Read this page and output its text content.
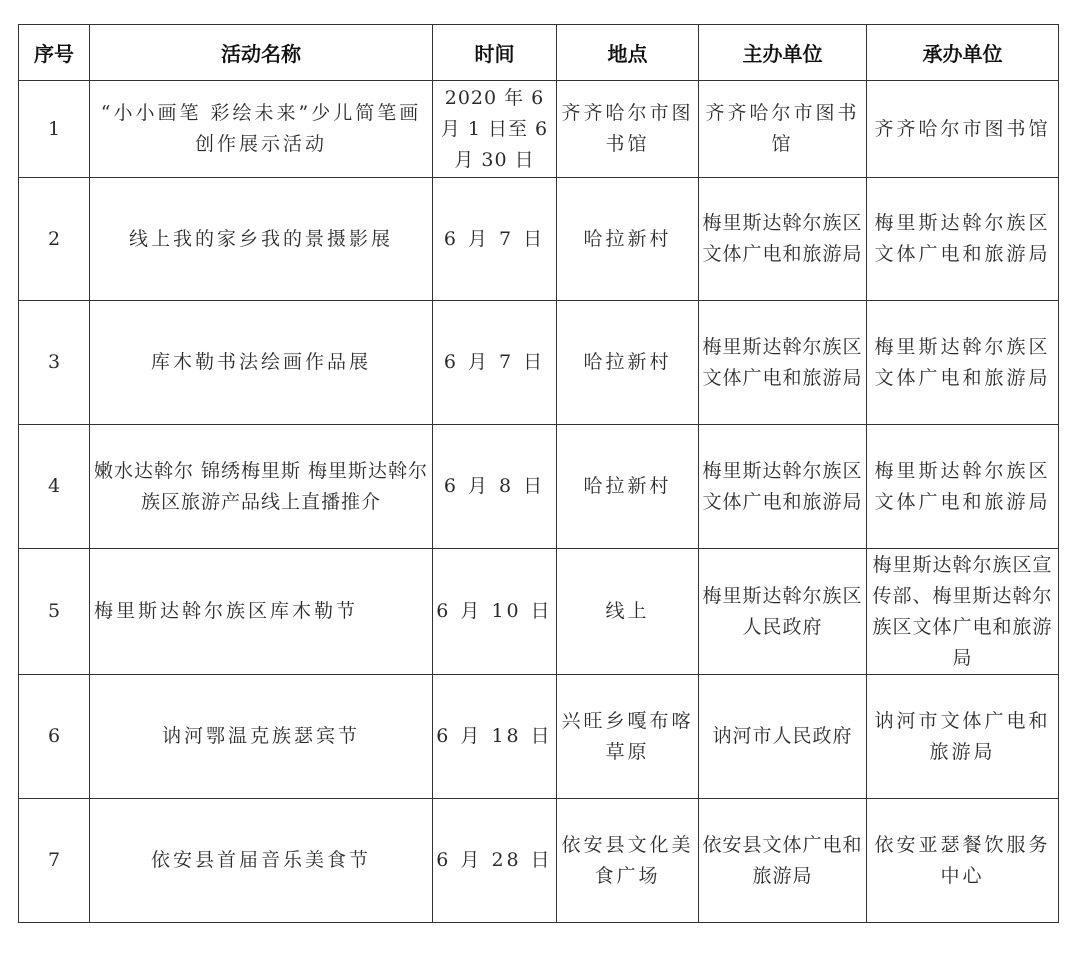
序号	活动名称	时间	地点	主办单位	承办单位
1	“小小画笔 彩绘未来”少儿简笔画创作展示活动	2020 年 6 月 1 日至 6 月 30 日	齐齐哈尔市图书馆	齐齐哈尔市图书馆	齐齐哈尔市图书馆
2	线上我的家乡我的景摄影展	6 月 7 日	哈拉新村	梅里斯达斡尔族区文体广电和旅游局	梅里斯达斡尔族区文体广电和旅游局
3	库木勒书法绘画作品展	6 月 7 日	哈拉新村	梅里斯达斡尔族区文体广电和旅游局	梅里斯达斡尔族区文体广电和旅游局
4	嫩水达斡尔 锦绣梅里斯 梅里斯达斡尔族区旅游产品线上直播推介	6 月 8 日	哈拉新村	梅里斯达斡尔族区文体广电和旅游局	梅里斯达斡尔族区文体广电和旅游局
5	梅里斯达斡尔族区库木勒节	6 月 10 日	线上	梅里斯达斡尔族区人民政府	梅里斯达斡尔族区宣传部、梅里斯达斡尔族区文体广电和旅游局
6	讷河鄂温克族瑟宾节	6 月 18 日	兴旺乡嘎布喀草原	讷河市人民政府	讷河市文体广电和旅游局
7	依安县首届音乐美食节	6 月 28 日	依安县文化美食广场	依安县文体广电和旅游局	依安亚瑟餐饮服务中心
